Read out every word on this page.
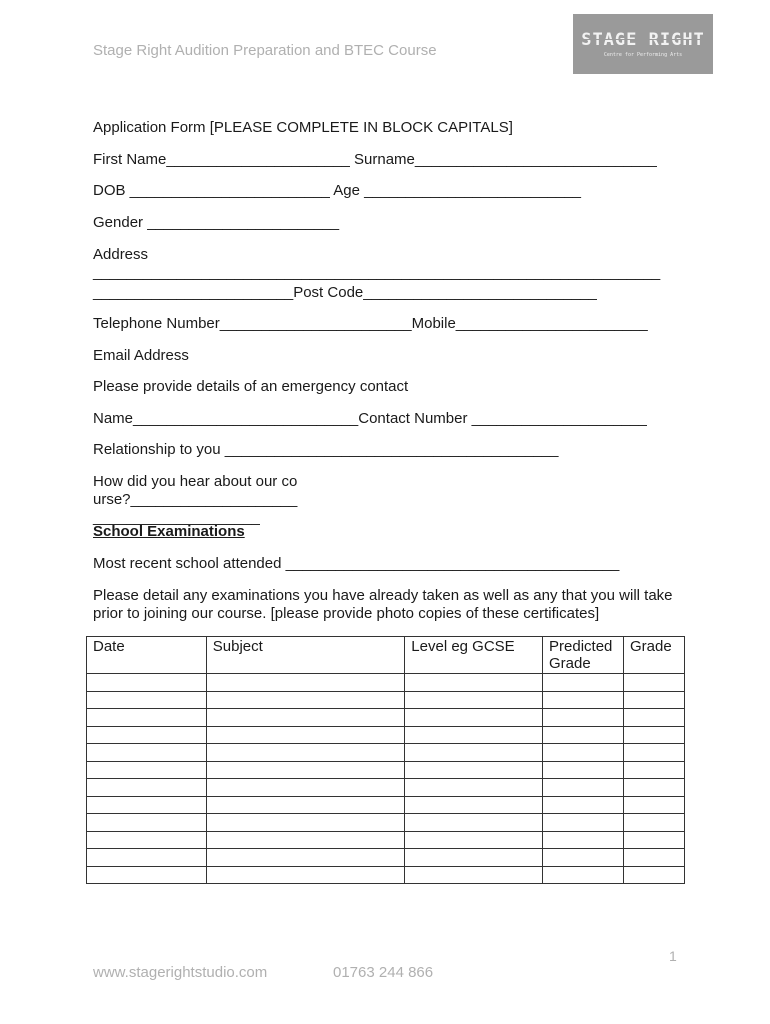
Stage Right Audition Preparation and BTEC Course
STAGE RIGHT
Centre for Performing Arts
Application Form [PLEASE COMPLETE IN BLOCK CAPITALS]
First Name______________________ Surname_____________________________
DOB ________________________ Age __________________________
Gender _______________________
Address
____________________________________________________________________
________________________Post Code____________________________
Telephone Number_______________________Mobile_______________________
Email Address
Please provide details of an emergency contact
Name___________________________Contact Number _____________________
Relationship to you ________________________________________
How did you hear about our course?________________________________________
School Examinations
Most recent school attended ________________________________________
Please detail any examinations you have already taken as well as any that you will take prior to joining our course. [please provide photo copies of these certificates]
Date	Subject	Level eg GCSE	Predicted Grade	Grade

1
www.stagerightstudio.com	01763 244 866
